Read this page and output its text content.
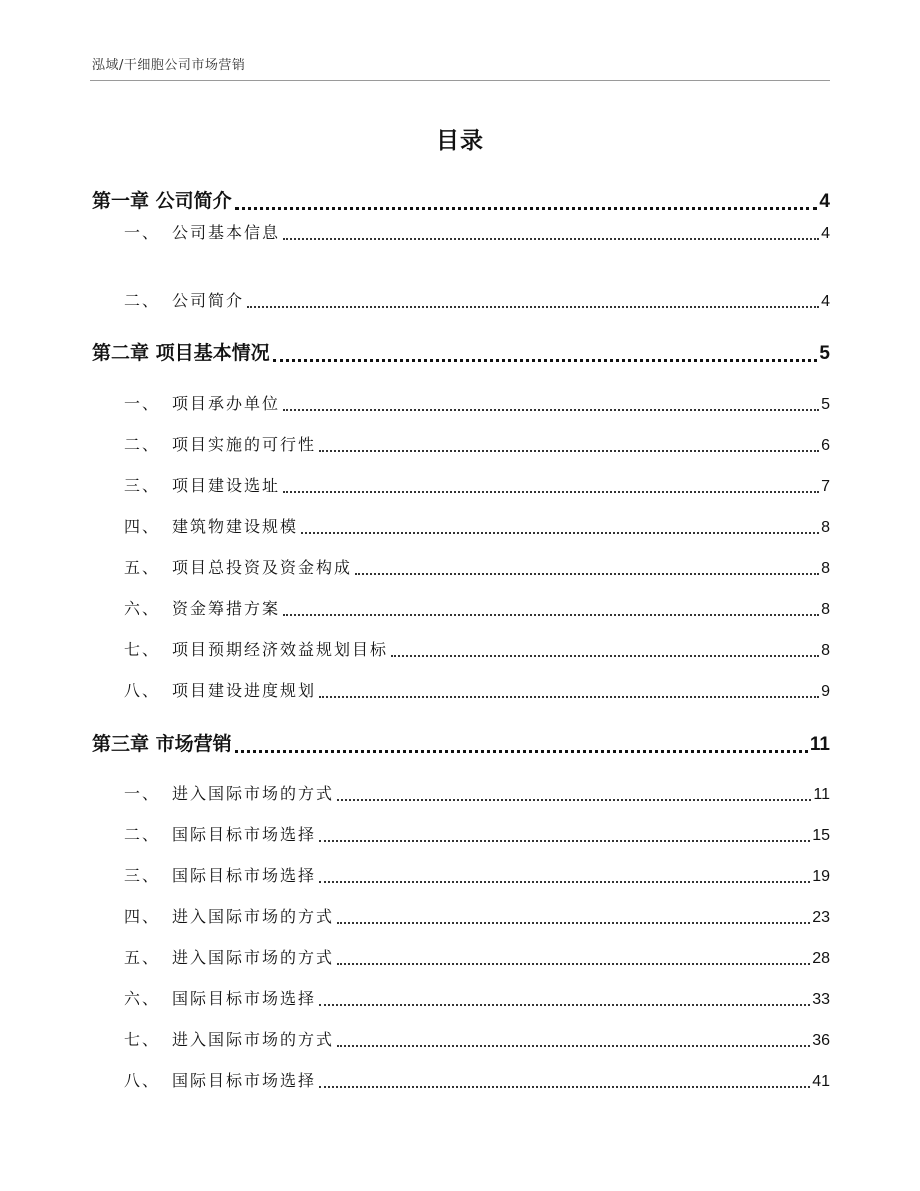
泓域/干细胞公司市场营销
目录
第一章 公司简介	4
一、 公司基本信息	4
二、 公司简介	4
第二章 项目基本情况	5
一、 项目承办单位	5
二、 项目实施的可行性	6
三、 项目建设选址	7
四、 建筑物建设规模	8
五、 项目总投资及资金构成	8
六、 资金筹措方案	8
七、 项目预期经济效益规划目标	8
八、 项目建设进度规划	9
第三章 市场营销	11
一、 进入国际市场的方式	11
二、 国际目标市场选择	15
三、 国际目标市场选择	19
四、 进入国际市场的方式	23
五、 进入国际市场的方式	28
六、 国际目标市场选择	33
七、 进入国际市场的方式	36
八、 国际目标市场选择	41
